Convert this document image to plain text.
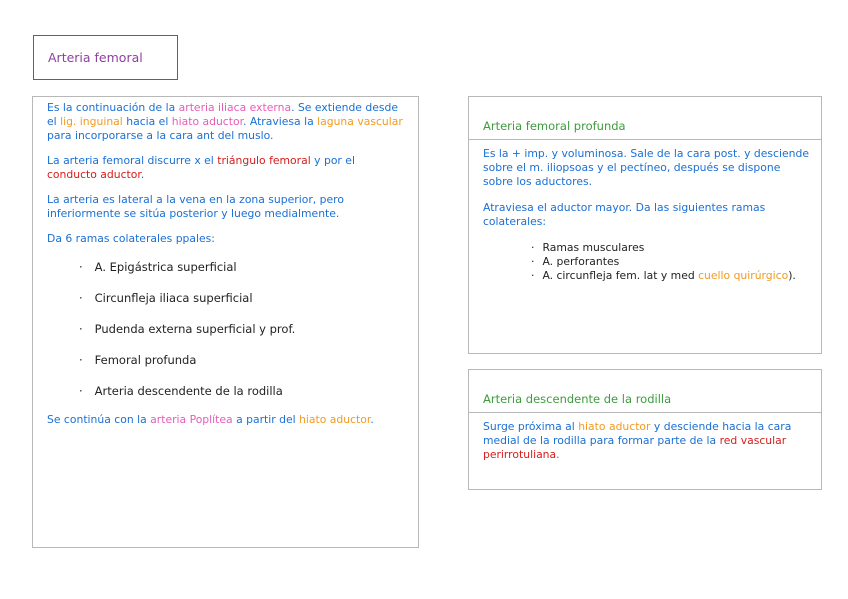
Arteria femoral

Es la continuación de la arteria iliaca externa. Se extiende desde el lig. inguinal hacia el hiato aductor. Atraviesa la laguna vascular para incorporarse a la cara ant del muslo.

La arteria femoral discurre x el triángulo femoral y por el conducto aductor.

La arteria es lateral a la vena en la zona superior, pero inferiormente se sitúa posterior y luego medialmente.

Da 6 ramas colaterales ppales:

· A. Epigástrica superficial
· Circunfleja iliaca superficial
· Pudenda externa superficial y prof.
· Femoral profunda
· Arteria descendente de la rodilla

Se continúa con la arteria Poplítea a partir del hiato aductor.

Arteria femoral profunda

Es la + imp. y voluminosa. Sale de la cara post. y desciende sobre el m. iliopsoas y el pectíneo, después se dispone sobre los aductores.

Atraviesa el aductor mayor. Da las siguientes ramas colaterales:

· Ramas musculares
· A. perforantes
· A. circunfleja fem. lat y med cuello quirúrgico).
Arteria descendente de la rodilla

Surge próxima al hiato aductor y desciende hacia la cara medial de la rodilla para formar parte de la red vascular perirrotuliana.
